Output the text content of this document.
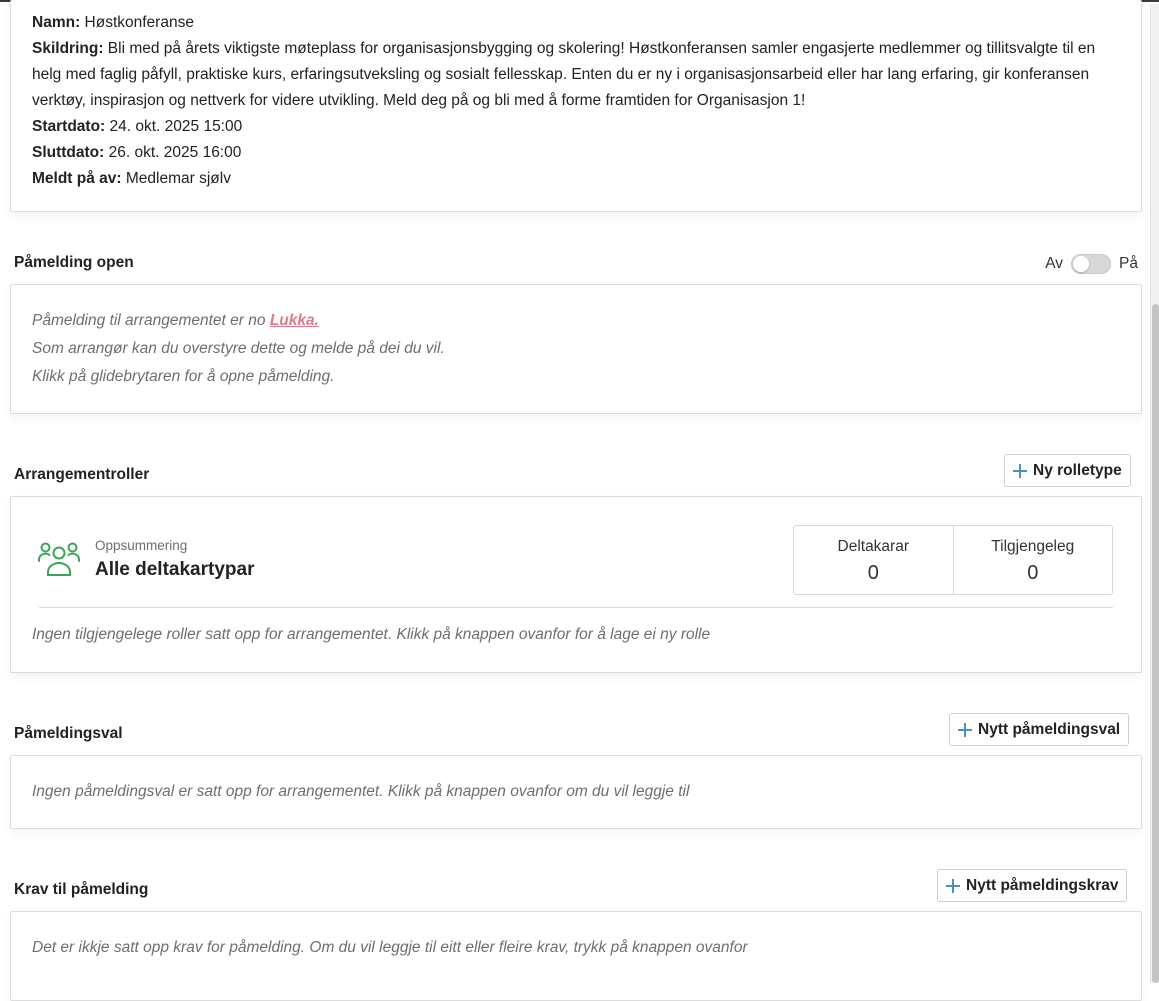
Namn: Høstkonferanse
Skildring: Bli med på årets viktigste møteplass for organisasjonsbygging og skolering! Høstkonferansen samler engasjerte medlemmer og tillitsvalgte til en helg med faglig påfyll, praktiske kurs, erfaringsutveksling og sosialt fellesskap. Enten du er ny i organisasjonsarbeid eller har lang erfaring, gir konferansen verktøy, inspirasjon og nettverk for videre utvikling. Meld deg på og bli med å forme framtiden for Organisasjon 1!
Startdato: 24. okt. 2025 15:00
Sluttdato: 26. okt. 2025 16:00
Meldt på av: Medlemar sjølv
Påmelding open	Av	På
Påmelding til arrangementet er no Lukka.
Som arrangør kan du overstyre dette og melde på dei du vil.
Klikk på glidebrytaren for å opne påmelding.
Arrangementroller	Ny rolletype
Oppsummering
Alle deltakartypar
Deltakarar
0
Tilgjengeleg
0
Ingen tilgjengelege roller satt opp for arrangementet. Klikk på knappen ovanfor for å lage ei ny rolle
Påmeldingsval	Nytt påmeldingsval
Ingen påmeldingsval er satt opp for arrangementet. Klikk på knappen ovanfor om du vil leggje til
Krav til påmelding	Nytt påmeldingskrav
Det er ikkje satt opp krav for påmelding. Om du vil leggje til eitt eller fleire krav, trykk på knappen ovanfor
